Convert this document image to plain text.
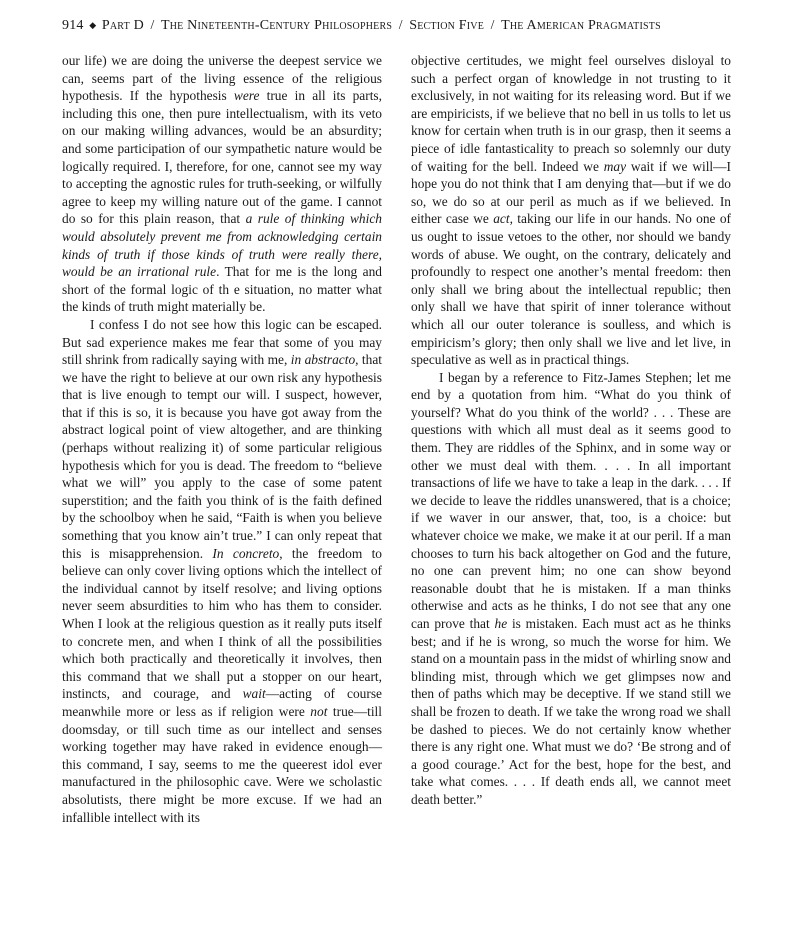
914 ◆ Part D / The Nineteenth-Century Philosophers / Section Five / The American Pragmatists

our life) we are doing the universe the deepest service we can, seems part of the living essence of the religious hypothesis. If the hypothesis were true in all its parts, including this one, then pure intellectualism, with its veto on our making willing advances, would be an absurdity; and some participation of our sympathetic nature would be logically required. I, therefore, for one, cannot see my way to accepting the agnostic rules for truth-seeking, or wilfully agree to keep my willing nature out of the game. I cannot do so for this plain reason, that a rule of thinking which would absolutely prevent me from acknowledging certain kinds of truth if those kinds of truth were really there, would be an irrational rule. That for me is the long and short of the formal logic of th e situation, no matter what the kinds of truth might materially be.

I confess I do not see how this logic can be escaped. But sad experience makes me fear that some of you may still shrink from radically saying with me, in abstracto, that we have the right to believe at our own risk any hypothesis that is live enough to tempt our will. I suspect, however, that if this is so, it is because you have got away from the abstract logical point of view altogether, and are thinking (perhaps without realizing it) of some particular religious hypothesis which for you is dead. The freedom to “believe what we will” you apply to the case of some patent superstition; and the faith you think of is the faith defined by the schoolboy when he said, “Faith is when you believe something that you know ain’t true.” I can only repeat that this is misapprehension. In concreto, the freedom to believe can only cover living options which the intellect of the individual cannot by itself resolve; and living options never seem absurdities to him who has them to consider. When I look at the religious question as it really puts itself to concrete men, and when I think of all the possibilities which both practically and theoretically it involves, then this command that we shall put a stopper on our heart, instincts, and courage, and wait—acting of course meanwhile more or less as if religion were not true—till doomsday, or till such time as our intellect and senses working together may have raked in evidence enough—this command, I say, seems to me the queerest idol ever manufactured in the philosophic cave. Were we scholastic absolutists, there might be more excuse. If we had an infallible intellect with its

objective certitudes, we might feel ourselves disloyal to such a perfect organ of knowledge in not trusting to it exclusively, in not waiting for its releasing word. But if we are empiricists, if we believe that no bell in us tolls to let us know for certain when truth is in our grasp, then it seems a piece of idle fantasticality to preach so solemnly our duty of waiting for the bell. Indeed we may wait if we will—I hope you do not think that I am denying that—but if we do so, we do so at our peril as much as if we believed. In either case we act, taking our life in our hands. No one of us ought to issue vetoes to the other, nor should we bandy words of abuse. We ought, on the contrary, delicately and profoundly to respect one another’s mental freedom: then only shall we bring about the intellectual republic; then only shall we have that spirit of inner tolerance without which all our outer tolerance is soulless, and which is empiricism’s glory; then only shall we live and let live, in speculative as well as in practical things.

I began by a reference to Fitz-James Stephen; let me end by a quotation from him. “What do you think of yourself? What do you think of the world? . . . These are questions with which all must deal as it seems good to them. They are riddles of the Sphinx, and in some way or other we must deal with them. . . . In all important transactions of life we have to take a leap in the dark. . . . If we decide to leave the riddles unanswered, that is a choice; if we waver in our answer, that, too, is a choice: but whatever choice we make, we make it at our peril. If a man chooses to turn his back altogether on God and the future, no one can prevent him; no one can show beyond reasonable doubt that he is mistaken. If a man thinks otherwise and acts as he thinks, I do not see that any one can prove that he is mistaken. Each must act as he thinks best; and if he is wrong, so much the worse for him. We stand on a mountain pass in the midst of whirling snow and blinding mist, through which we get glimpses now and then of paths which may be deceptive. If we stand still we shall be frozen to death. If we take the wrong road we shall be dashed to pieces. We do not certainly know whether there is any right one. What must we do? ‘Be strong and of a good courage.’ Act for the best, hope for the best, and take what comes. . . . If death ends all, we cannot meet death better.”
